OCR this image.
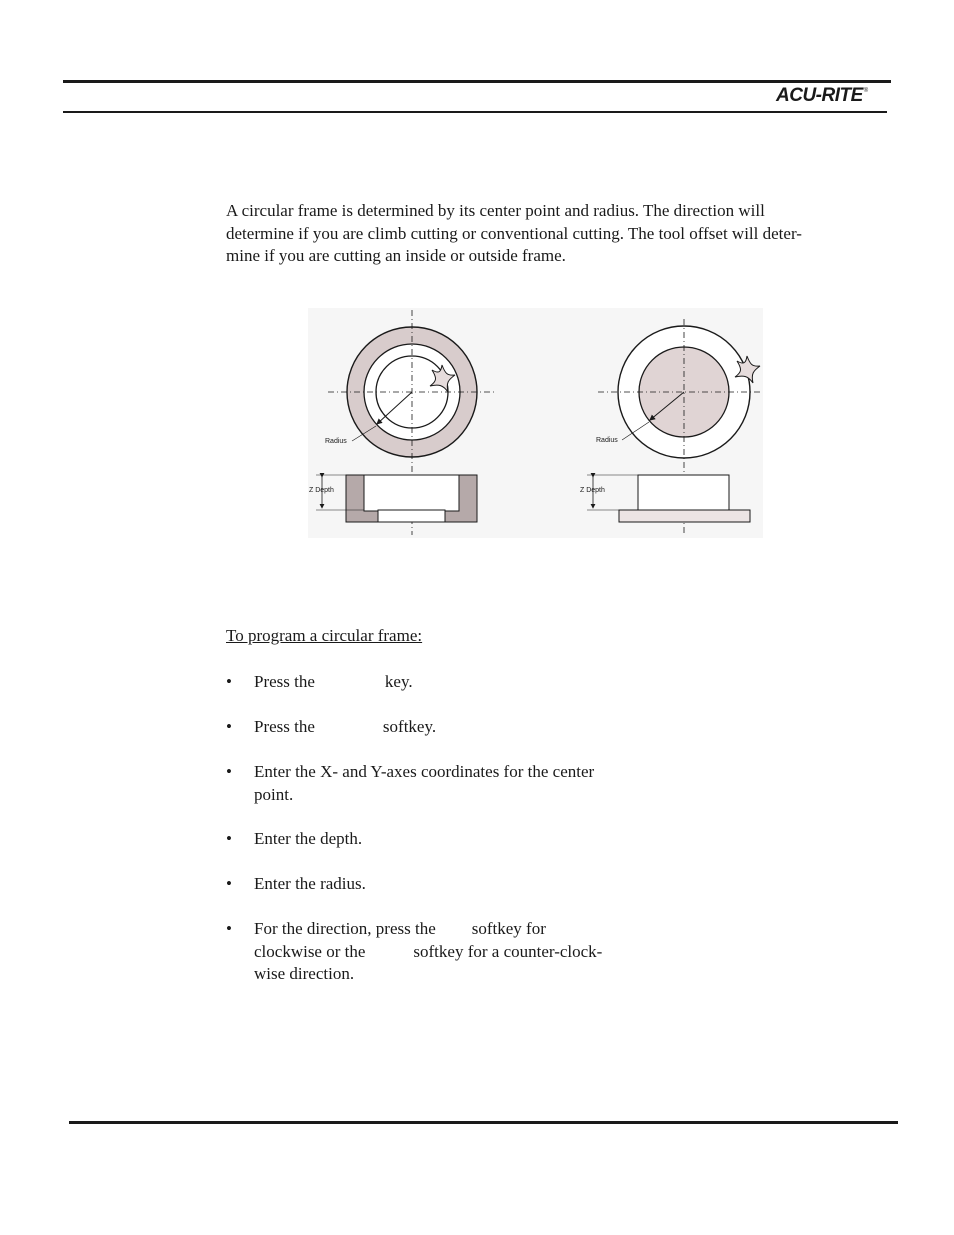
ACU-RITE®

A circular frame is determined by its center point and radius. The direction will
determine if you are climb cutting or conventional cutting. The tool offset will deter-
mine if you are cutting an inside or outside frame.

Radius
Z Depth
Radius
Z Depth

To program a circular frame:

• Press the	key.
• Press the	softkey.
• Enter the X- and Y-axes coordinates for the center
point.
• Enter the depth.
• Enter the radius.
• For the direction, press the softkey for
clockwise or the	softkey for a counter-clock-
wise direction.
